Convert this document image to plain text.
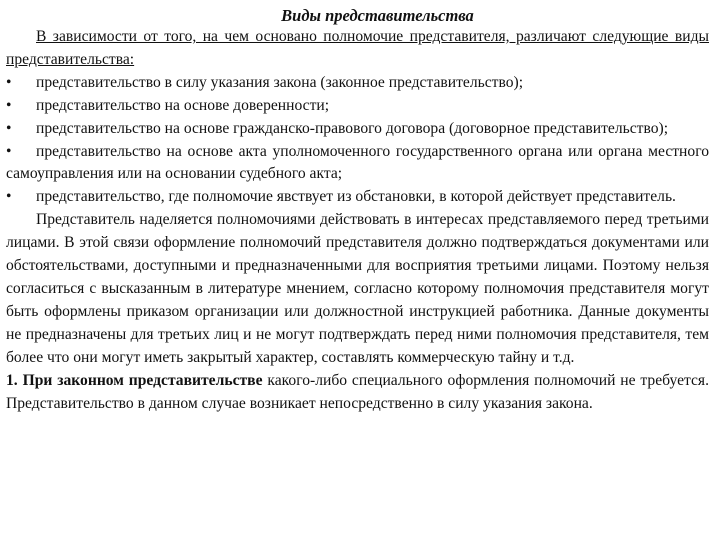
Виды представительства

В зависимости от того, на чем основано полномочие представителя, различают следующие виды представительства:

• представительство в силу указания закона (законное представительство);
• представительство на основе доверенности;
• представительство на основе гражданско-правового договора (договорное представительство);
• представительство на основе акта уполномоченного государственного органа или органа местного самоуправления или на основании судебного акта;
• представительство, где полномочие явствует из обстановки, в которой действует представитель.

Представитель наделяется полномочиями действовать в интересах представляемого перед третьими лицами. В этой связи оформление полномочий представителя должно подтверждаться документами или обстоятельствами, доступными и предназначенными для восприятия третьими лицами. Поэтому нельзя согласиться с высказанным в литературе мнением, согласно которому полномочия представителя могут быть оформлены приказом организации или должностной инструкцией работника. Данные документы не предназначены для третьих лиц и не могут подтверждать перед ними полномочия представителя, тем более что они могут иметь закрытый характер, составлять коммерческую тайну и т.д.

1. При законном представительстве какого-либо специального оформления полномочий не требуется. Представительство в данном случае возникает непосредственно в силу указания закона.
